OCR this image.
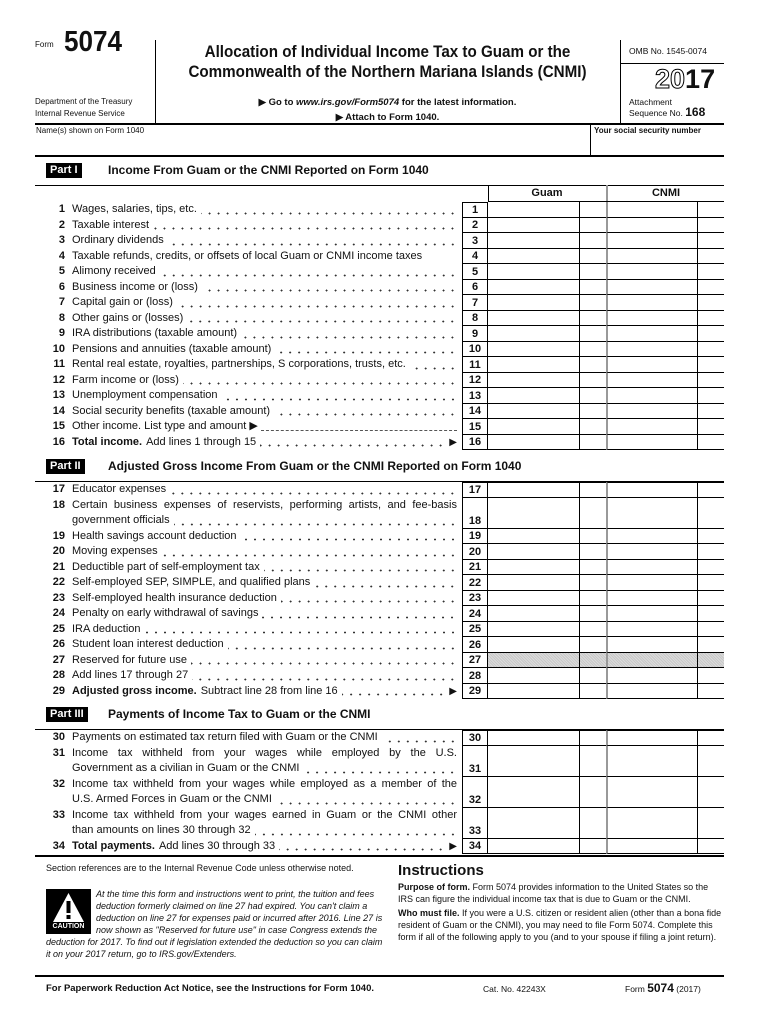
Form 5074
Department of the Treasury
Internal Revenue Service
Allocation of Individual Income Tax to Guam or the
Commonwealth of the Northern Mariana Islands (CNMI)
▶ Go to www.irs.gov/Form5074 for the latest information.
▶ Attach to Form 1040.
OMB No. 1545-0074
2017
Attachment
Sequence No. 168
Name(s) shown on Form 1040	Your social security number
Part I	Income From Guam or the CNMI Reported on Form 1040
Guam	CNMI
1 Wages, salaries, tips, etc.	1
2 Taxable interest	2
3 Ordinary dividends	3
4 Taxable refunds, credits, or offsets of local Guam or CNMI income taxes	4
5 Alimony received	5
6 Business income or (loss)	6
7 Capital gain or (loss)	7
8 Other gains or (losses)	8
9 IRA distributions (taxable amount)	9
10 Pensions and annuities (taxable amount)	10
11 Rental real estate, royalties, partnerships, S corporations, trusts, etc.	11
12 Farm income or (loss)	12
13 Unemployment compensation	13
14 Social security benefits (taxable amount)	14
15 Other income. List type and amount ▶	15
16 Total income. Add lines 1 through 15	▶ 16
Part II	Adjusted Gross Income From Guam or the CNMI Reported on Form 1040
17 Educator expenses	17
18 Certain business expenses of reservists, performing artists, and fee-basis
government officials	18
19 Health savings account deduction	19
20 Moving expenses	20
21 Deductible part of self-employment tax	21
22 Self-employed SEP, SIMPLE, and qualified plans	22
23 Self-employed health insurance deduction	23
24 Penalty on early withdrawal of savings	24
25 IRA deduction	25
26 Student loan interest deduction	26
27 Reserved for future use	27
28 Add lines 17 through 27	28
29 Adjusted gross income. Subtract line 28 from line 16	▶ 29
Part III	Payments of Income Tax to Guam or the CNMI
30 Payments on estimated tax return filed with Guam or the CNMI	30
31 Income tax withheld from your wages while employed by the U.S.
Government as a civilian in Guam or the CNMI	31
32 Income tax withheld from your wages while employed as a member of the
U.S. Armed Forces in Guam or the CNMI	32
33 Income tax withheld from your wages earned in Guam or the CNMI other
than amounts on lines 30 through 32	33
34 Total payments. Add lines 30 through 33	▶ 34
Section references are to the Internal Revenue Code unless otherwise noted.
CAUTION
At the time this form and instructions went to print, the tuition and fees deduction formerly claimed on line 27 had expired. You can't claim a deduction on line 27 for expenses paid or incurred after 2016. Line 27 is now shown as "Reserved for future use" in case Congress extends the deduction for 2017. To find out if legislation extended the deduction so you can claim it on your 2017 return, go to IRS.gov/Extenders.
Instructions

Purpose of form. Form 5074 provides information to the United States so the IRS can figure the individual income tax that is due to Guam or the CNMI.

Who must file. If you were a U.S. citizen or resident alien (other than a bona fide resident of Guam or the CNMI), you may need to file Form 5074. Complete this form if all of the following apply to you (and to your spouse if filing a joint return).

For Paperwork Reduction Act Notice, see the Instructions for Form 1040.	Cat. No. 42243X	Form 5074 (2017)
